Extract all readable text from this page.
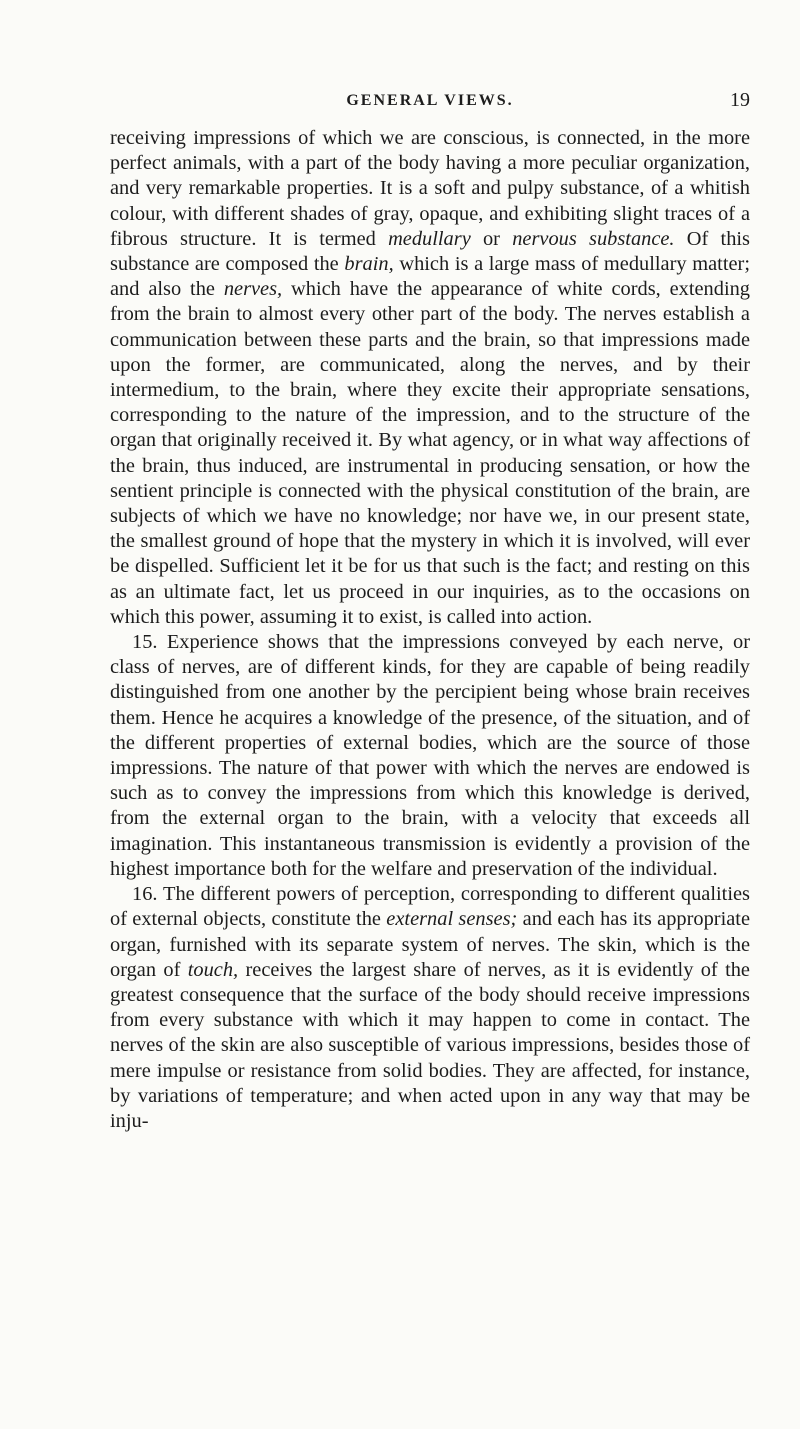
GENERAL VIEWS.	19

receiving impressions of which we are conscious, is connected, in the more perfect animals, with a part of the body having a more peculiar organization, and very remarkable properties. It is a soft and pulpy substance, of a whitish colour, with different shades of gray, opaque, and exhibiting slight traces of a fibrous structure. It is termed medullary or nervous substance. Of this substance are composed the brain, which is a large mass of medullary matter; and also the nerves, which have the appearance of white cords, extending from the brain to almost every other part of the body. The nerves establish a communication between these parts and the brain, so that impressions made upon the former, are communicated, along the nerves, and by their intermedium, to the brain, where they excite their appropriate sensations, corresponding to the nature of the impression, and to the structure of the organ that originally received it. By what agency, or in what way affections of the brain, thus induced, are instrumental in producing sensation, or how the sentient principle is connected with the physical constitution of the brain, are subjects of which we have no knowledge; nor have we, in our present state, the smallest ground of hope that the mystery in which it is involved, will ever be dispelled. Sufficient let it be for us that such is the fact; and resting on this as an ultimate fact, let us proceed in our inquiries, as to the occasions on which this power, assuming it to exist, is called into action.

15. Experience shows that the impressions conveyed by each nerve, or class of nerves, are of different kinds, for they are capable of being readily distinguished from one another by the percipient being whose brain receives them. Hence he acquires a knowledge of the presence, of the situation, and of the different properties of external bodies, which are the source of those impressions. The nature of that power with which the nerves are endowed is such as to convey the impressions from which this knowledge is derived, from the external organ to the brain, with a velocity that exceeds all imagination. This instantaneous transmission is evidently a provision of the highest importance both for the welfare and preservation of the individual.

16. The different powers of perception, corresponding to different qualities of external objects, constitute the external senses; and each has its appropriate organ, furnished with its separate system of nerves. The skin, which is the organ of touch, receives the largest share of nerves, as it is evidently of the greatest consequence that the surface of the body should receive impressions from every substance with which it may happen to come in contact. The nerves of the skin are also susceptible of various impressions, besides those of mere impulse or resistance from solid bodies. They are affected, for instance, by variations of temperature; and when acted upon in any way that may be inju-
